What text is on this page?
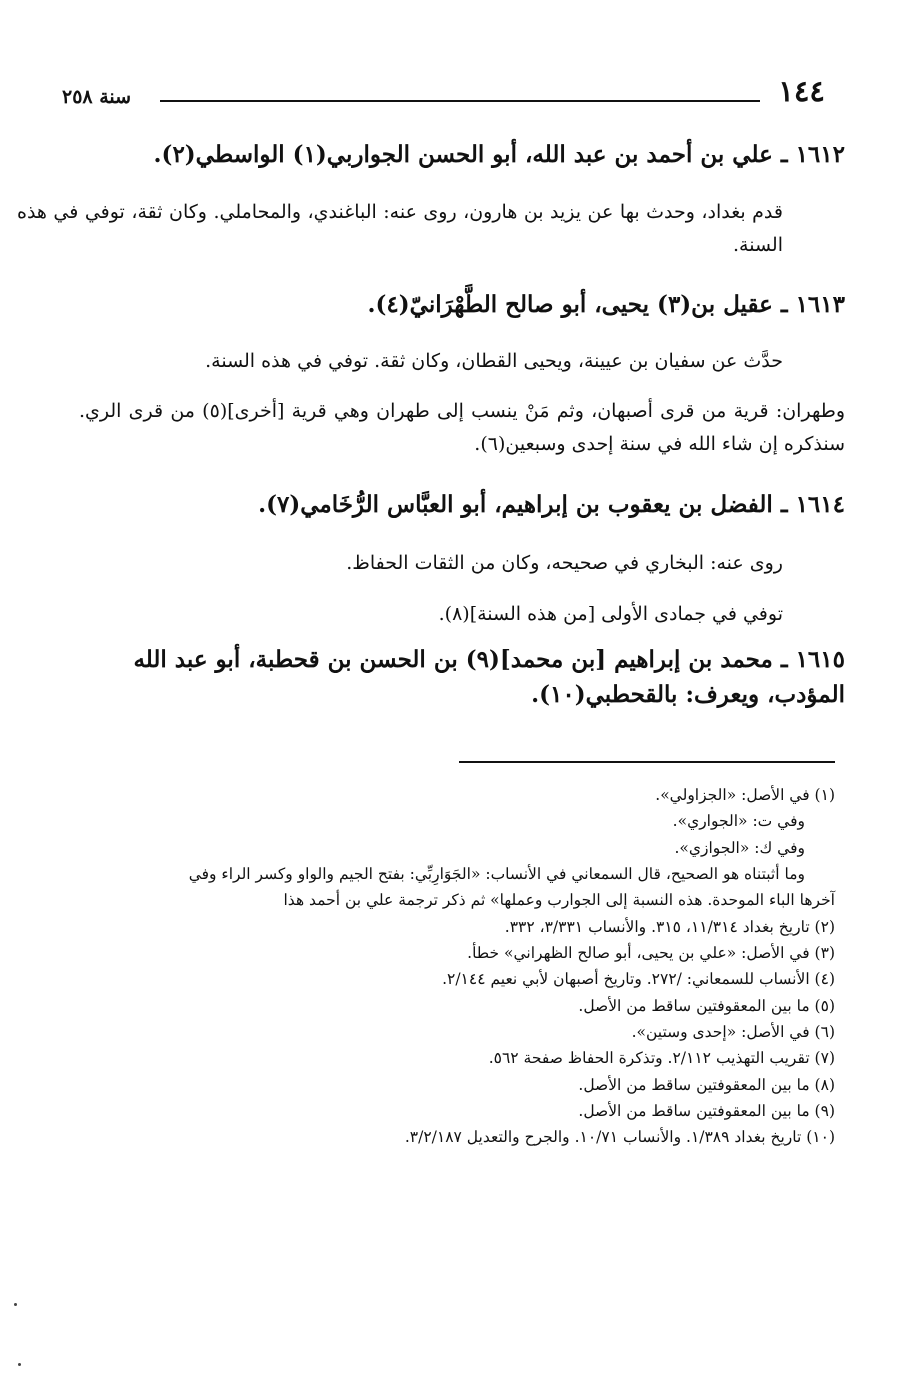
١٤٤
سنة ٢٥٨
١٦١٢ ـ علي بن أحمد بن عبد الله، أبو الحسن الجواربي(١) الواسطي(٢).
قدم بغداد، وحدث بها عن يزيد بن هارون، روى عنه: الباغندي، والمحاملي. وكان ثقة، توفي في هذه السنة.
١٦١٣ ـ عقيل بن(٣) يحيى، أبو صالح الطَّهْرَانيّ(٤).
حدَّث عن سفيان بن عيينة، ويحيى القطان، وكان ثقة. توفي في هذه السنة.
وطهران: قرية من قرى أصبهان، وثم مَنْ ينسب إلى طهران وهي قرية [أخرى](٥) من قرى الري. سنذكره إن شاء الله في سنة إحدى وسبعين(٦).
١٦١٤ ـ الفضل بن يعقوب بن إبراهيم، أبو العبَّاس الرُّخَامي(٧).
روى عنه: البخاري في صحيحه، وكان من الثقات الحفاظ.
توفي في جمادى الأولى [من هذه السنة](٨).
١٦١٥ ـ محمد بن إبراهيم [بن محمد](٩) بن الحسن بن قحطبة، أبو عبد الله المؤدب، ويعرف: بالقحطبي(١٠).
(١) في الأصل: «الجزاولي».
وفي ت: «الجواري».
وفي ك: «الجوازي».
وما أثبتناه هو الصحيح، قال السمعاني في الأنساب: «الجَوَارِبِّي: بفتح الجيم والواو وكسر الراء وفي
آخرها الباء الموحدة. هذه النسبة إلى الجوارب وعملها» ثم ذكر ترجمة علي بن أحمد هذا
(٢) تاريخ بغداد ١١/٣١٤، ٣١٥. والأنساب ٣/٣٣١، ٣٣٢.
(٣) في الأصل: «علي بن يحيى، أبو صالح الظهراني» خطأ.
(٤) الأنساب للسمعاني: /٢٧٢. وتاريخ أصبهان لأبي نعيم ٢/١٤٤.
(٥) ما بين المعقوفتين ساقط من الأصل.
(٦) في الأصل: «إحدى وستين».
(٧) تقريب التهذيب ٢/١١٢. وتذكرة الحفاظ صفحة ٥٦٢.
(٨) ما بين المعقوفتين ساقط من الأصل.
(٩) ما بين المعقوفتين ساقط من الأصل.
(١٠) تاريخ بغداد ١/٣٨٩. والأنساب ١٠/٧١. والجرح والتعديل ٣/٢/١٨٧.
